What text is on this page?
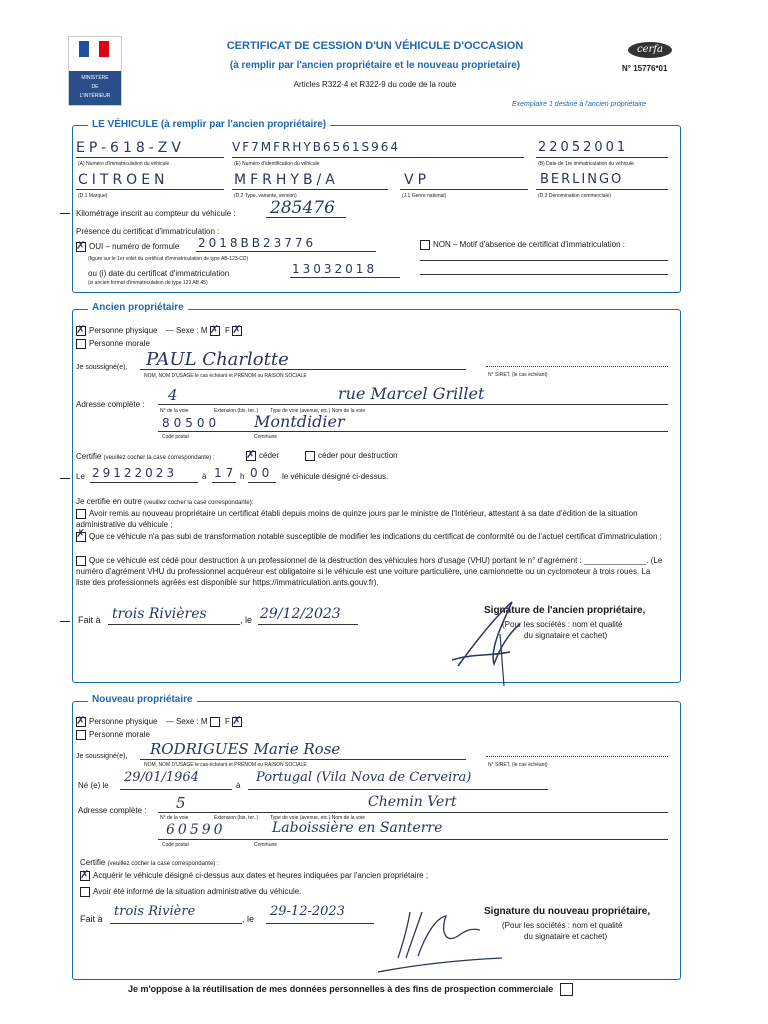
MINISTÈRE
DE
L'INTÉRIEUR
CERTIFICAT DE CESSION D'UN VÉHICULE D'OCCASION
(à remplir par l'ancien propriétaire et le nouveau proprietaire)
Articles R322-4 et R322-9 du code de la route
cerfa
N° 15776*01
Exemplaire 1 destiné à l'ancien propriétaire
LE VÉHICULE (à remplir par l'ancien propriétaire)
EP-618-ZV
(A) Numéro d'immatriculation du véhicule
VF7MFRHYB6561S964
(E) Numéro d'identification du véhicule
22052001
(B) Date de 1re immatriculation du véhicule
CITROEN
(D.1 Marque)
MFRHYB/A
(D.2 Type, variante, version)
VP
(J.1 Genre national)
BERLINGO
(D.3 Dénomination commerciale)
Kilométrage inscrit au compteur du véhicule : 285476
Présence du certificat d'immatriculation :
✗OUI – numéro de formule 2018BB23776
(figure sur le 1er volet du certificat d'immatriculation de type AB-123-CD)
NON – Motif d'absence de certificat d'immatriculation :
ou (i) date du certificat d'immatriculation	13032018
(si ancien format d'immatriculation de type 123 AB 45)
Ancien propriétaire
✗Personne physique — Sexe : M ✗ F ✗
Personne morale
Je soussigné(e), PAUL Charlotte
NOM, NOM D'USAGE le cas échéant et PRÉNOM ou RAISON SOCIALE	N° SIRET, (le cas échéant)
Adresse complète :
4	rue Marcel Grillet
N° de la voie	Extension (bis, ter..) Type de voie (avenue, etc.) Nom de la voie
80500 Montdidier
Code postal	Commune
Certifie (veuillez cocher la case correspondante) : ✗	céder	céder pour destruction
Le 29122023	à 17 h 00 le véhicule désigné ci-dessus.
Je certifie en outre (veuillez cocher la case correspondante):
Avoir remis au nouveau propriétaire un certificat établi depuis moins de quinze jours par le ministre de l'Intérieur, attestant à sa date d'édition de la situation administrative du véhicule ;
✗Que ce véhicule n'a pas subi de transformation notable susceptible de modifier les indications du certificat de conformité ou de l'actuel certificat d'immatriculation ;
Que ce véhicule est cédé pour destruction à un professionnel de la destruction des véhicules hors d'usage (VHU) portant le n° d'agrément : ______________. (Le numéro d'agrément VHU du professionnel acquéreur est obligatoire si le véhicule est une voiture particulière, une camionnette ou un cyclomoteur à trois roues. La liste des professionnels agréés est disponible sur https://immatriculation.ants.gouv.fr).
Fait à trois Rivières	, le 29/12/2023	Signature de l'ancien propriétaire,
(Pour les sociétés : nom et qualité
du signataire et cachet)
Nouveau propriétaire
✗Personne physique — Sexe : M F ✗
Personne morale
Je soussigné(e), RODRIGUES Marie Rose
NOM, NOM D'USAGE le cas échéant et PRÉNOM ou RAISON SOCIALE	N° SIRET, (le cas échéant)
Né (e) le
29/01/1964
à
Portugal (Vila Nova de Cerveira)
Adresse complète : 5	Chemin Vert
N° de la voie	Extension (bis, ter..) Type de voie (avenue, etc.) Nom de la voie
60590	Laboissière en Santerre
Code postal	Commune
Certifie (veuillez cocher la case correspondante) :
✗Acquérir le véhicule désigné ci-dessus aux dates et heures indiquées par l'ancien propriétaire ;
Avoir été informé de la situation administrative du véhicule.
Fait à trois Rivière	, le 29-12-2023	Signature du nouveau propriétaire,
(Pour les sociétés : nom et qualité
du signataire et cachet)
Je m'oppose à la réutilisation de mes données personnelles à des fins de prospection commerciale
